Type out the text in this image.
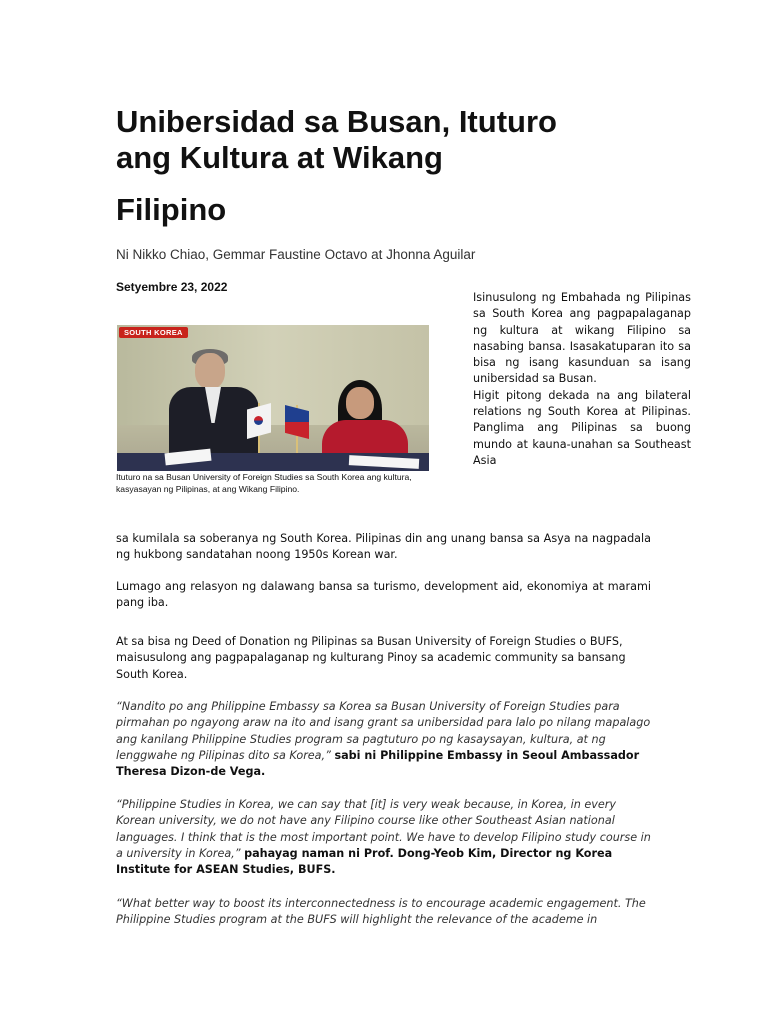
Unibersidad sa Busan, Ituturo
ang Kultura at Wikang
Filipino
Ni Nikko Chiao, Gemmar Faustine Octavo at Jhonna Aguilar
Setyembre 23, 2022
SOUTH KOREA
Ituturo na sa Busan University of Foreign Studies sa South Korea ang kultura, kasyasayan ng Pilipinas, at ang Wikang Filipino.

Isinusulong ng Embahada ng Pilipinas sa South Korea ang pagpapalaganap ng kultura at wikang Filipino sa nasabing bansa. Isasakatuparan ito sa bisa ng isang kasunduan sa isang unibersidad sa Busan.

Higit pitong dekada na ang bilateral relations ng South Korea at Pilipinas. Panglima ang Pilipinas sa buong mundo at kauna-unahan sa Southeast Asia

sa kumilala sa soberanya ng South Korea. Pilipinas din ang unang bansa sa Asya na nagpadala ng hukbong sandatahan noong 1950s Korean war.

Lumago ang relasyon ng dalawang bansa sa turismo, development aid, ekonomiya at marami pang iba.

At sa bisa ng Deed of Donation ng Pilipinas sa Busan University of Foreign Studies o BUFS, maisusulong ang pagpapalaganap ng kulturang Pinoy sa academic community sa bansang South Korea.

“Nandito po ang Philippine Embassy sa Korea sa Busan University of Foreign Studies para pirmahan po ngayong araw na ito and isang grant sa unibersidad para lalo po nilang mapalago ang kanilang Philippine Studies program sa pagtuturo po ng kasaysayan, kultura, at ng lenggwahe ng Pilipinas dito sa Korea,” sabi ni Philippine Embassy in Seoul Ambassador Theresa Dizon-de Vega.

“Philippine Studies in Korea, we can say that [it] is very weak because, in Korea, in every Korean university, we do not have any Filipino course like other Southeast Asian national languages. I think that is the most important point. We have to develop Filipino study course in a university in Korea,” pahayag naman ni Prof. Dong-Yeob Kim, Director ng Korea Institute for ASEAN Studies, BUFS.

“What better way to boost its interconnectedness is to encourage academic engagement. The Philippine Studies program at the BUFS will highlight the relevance of the academe in
